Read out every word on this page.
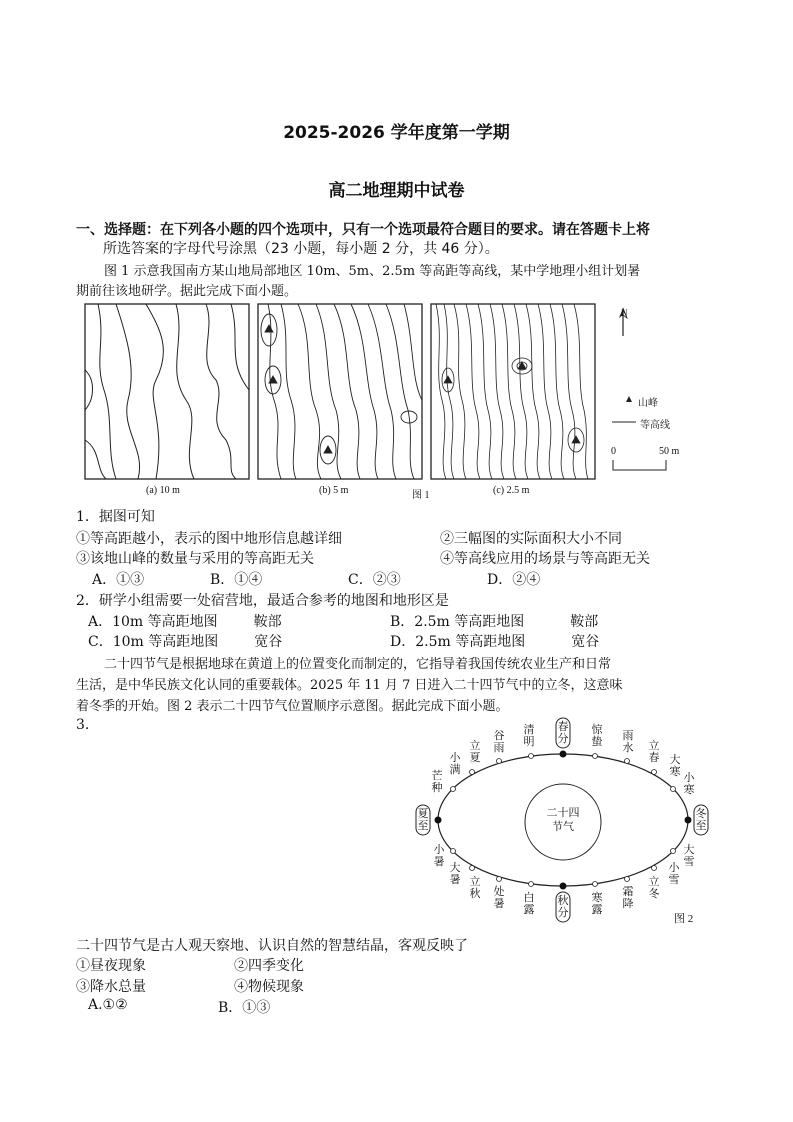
2025-2026 学年度第一学期
高二地理期中试卷
一、选择题：在下列各小题的四个选项中，只有一个选项最符合题目的要求。请在答题卡上将
所选答案的字母代号涂黑（23 小题，每小题 2 分，共 46 分）。
图 1 示意我国南方某山地局部地区 10m、5m、2.5m 等高距等高线，某中学地理小组计划暑
期前往该地研学。据此完成下面小题。
N
山峰
等高线
0	50 m
(a) 10 m	(b) 5 m	图 1	(c) 2.5 m
1．据图可知
①等高距越小，表示的图中地形信息越详细	②三幅图的实际面积大小不同
③该地山峰的数量与采用的等高距无关	④等高线应用的场景与等高距无关
A．①③	B．①④	C．②③	D．②④
2．研学小组需要一处宿营地，最适合参考的地图和地形区是
A．10m 等高距地图	鞍部	B．2.5m 等高距地图	鞍部
C．10m 等高距地图	宽谷	D．2.5m 等高距地图	宽谷
二十四节气是根据地球在黄道上的位置变化而制定的，它指导着我国传统农业生产和日常
生活，是中华民族文化认同的重要载体。2025 年 11 月 7 日进入二十四节气中的立冬，这意味
着冬季的开始。图 2 表示二十四节气位置顺序示意图。据此完成下面小题。
3.
二十四
节气
春分
秋分
夏至
冬至
清明
谷雨
立夏
小满
芒种
惊蛰 雨水 立春 大寒 小寒
大雪
小雪
立冬
霜降
寒露
白露
处暑
立秋
大暑
小暑
图 2
二十四节气是古人观天察地、认识自然的智慧结晶，客观反映了
①昼夜现象	②四季变化
③降水总量	④物候现象
A.①②	B．①③
